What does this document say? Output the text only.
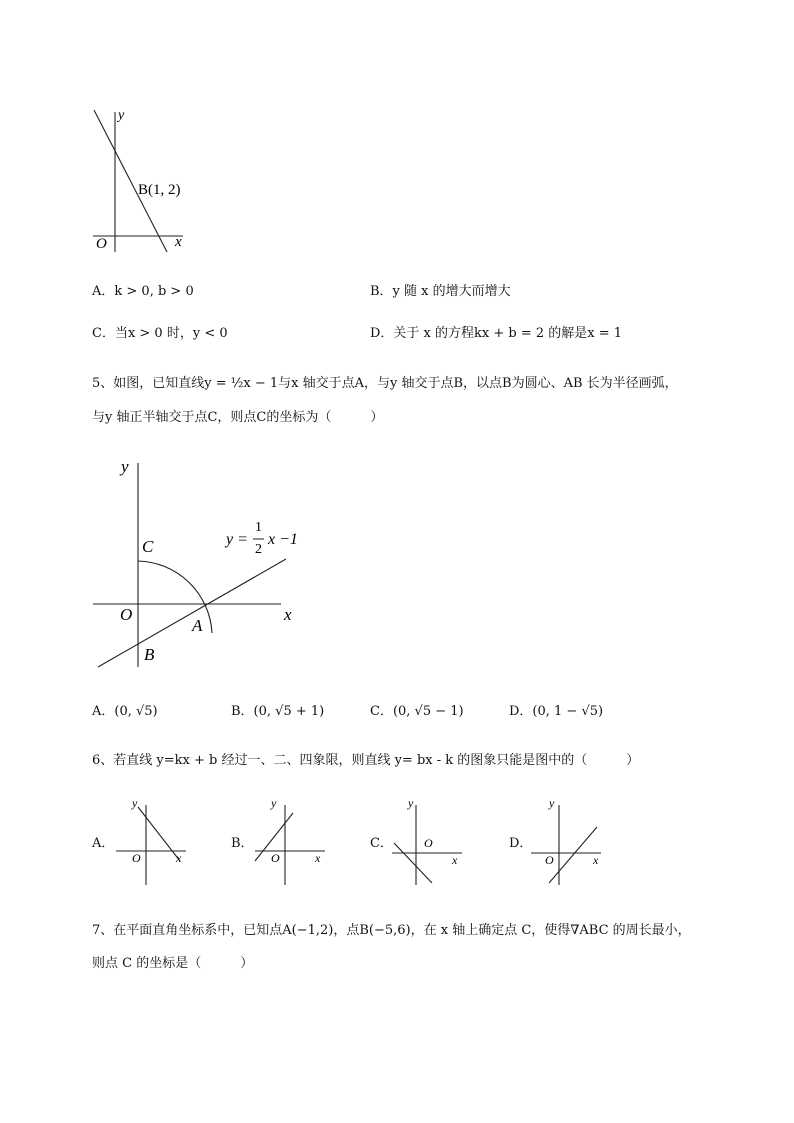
y
x
O
B(1, 2)
A．k > 0, b > 0	B．y 随 x 的增大而增大
C．当x > 0 时，y < 0	D．关于 x 的方程kx + b = 2 的解是x = 1
5、如图，已知直线y = ½x − 1与x 轴交于点A，与y 轴交于点B，以点B为圆心、AB 长为半径画弧，
与y 轴正半轴交于点C，则点C的坐标为（　　　）
y
x
O
C
A
B
y =
1
2
x −1
A．(0, √5)	B．(0, √5 + 1)	C．(0, √5 − 1)	D．(0, 1 − √5)
6、若直线 y=kx + b 经过一、二、四象限，则直线 y= bx - k 的图象只能是图中的（　　　）
A．
y
x
O
B．
y
x
O
C．
y
x
O	D．
y
x
O
7、在平面直角坐标系中，已知点A(−1,2)，点B(−5,6)，在 x 轴上确定点 C，使得∇ABC 的周长最小，
则点 C 的坐标是（　　　）
